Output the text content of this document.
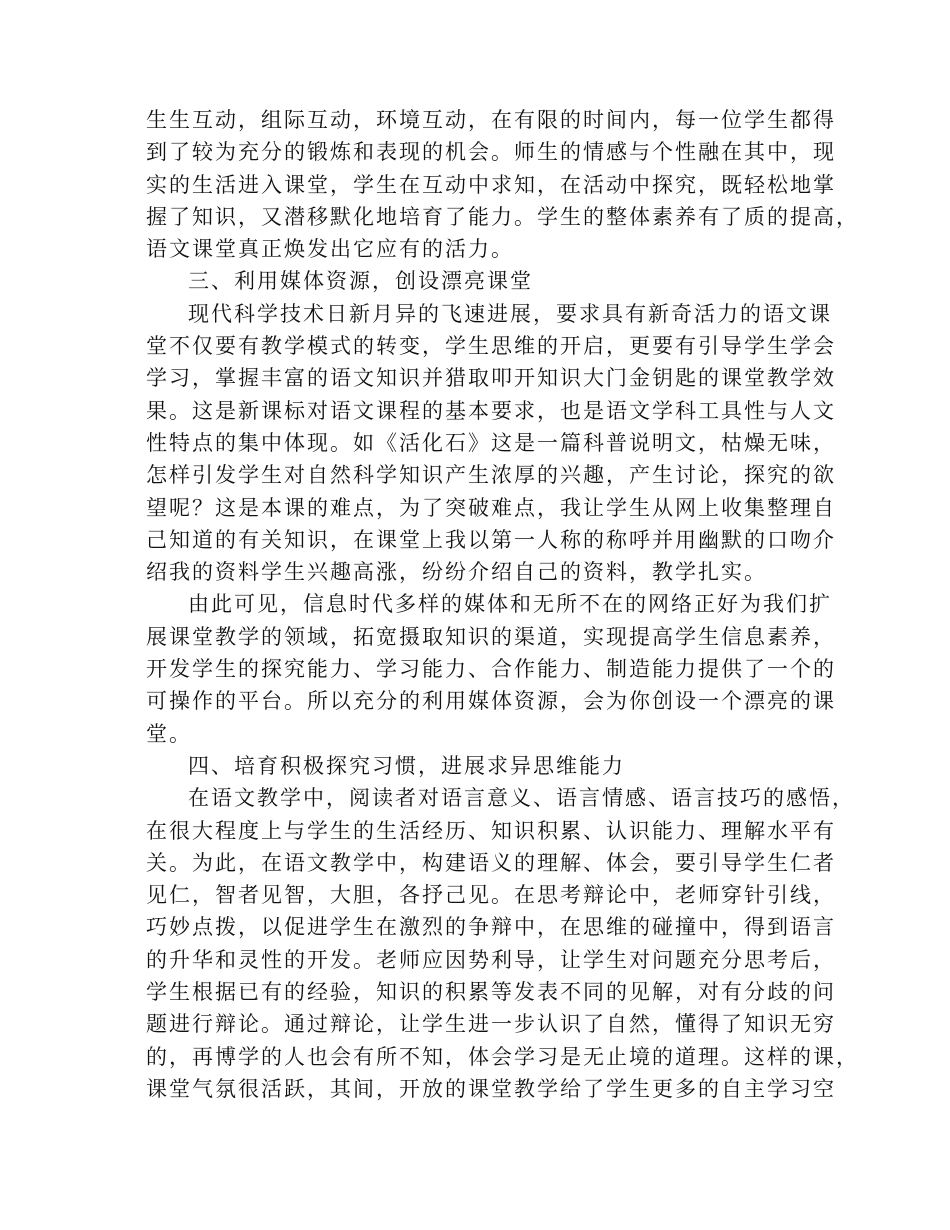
生生互动，组际互动，环境互动，在有限的时间内，每一位学生都得
到了较为充分的锻炼和表现的机会。师生的情感与个性融在其中，现
实的生活进入课堂，学生在互动中求知，在活动中探究，既轻松地掌
握了知识，又潜移默化地培育了能力。学生的整体素养有了质的提高，
语文课堂真正焕发出它应有的活力。
三、利用媒体资源，创设漂亮课堂
现代科学技术日新月异的飞速进展，要求具有新奇活力的语文课
堂不仅要有教学模式的转变，学生思维的开启，更要有引导学生学会
学习，掌握丰富的语文知识并猎取叩开知识大门金钥匙的课堂教学效
果。这是新课标对语文课程的基本要求，也是语文学科工具性与人文
性特点的集中体现。如《活化石》这是一篇科普说明文，枯燥无味，
怎样引发学生对自然科学知识产生浓厚的兴趣，产生讨论，探究的欲
望呢？这是本课的难点，为了突破难点，我让学生从网上收集整理自
己知道的有关知识，在课堂上我以第一人称的称呼并用幽默的口吻介
绍我的资料学生兴趣高涨，纷纷介绍自己的资料，教学扎实。
由此可见，信息时代多样的媒体和无所不在的网络正好为我们扩
展课堂教学的领域，拓宽摄取知识的渠道，实现提高学生信息素养，
开发学生的探究能力、学习能力、合作能力、制造能力提供了一个的
可操作的平台。所以充分的利用媒体资源，会为你创设一个漂亮的课
堂。
四、培育积极探究习惯，进展求异思维能力
在语文教学中，阅读者对语言意义、语言情感、语言技巧的感悟，
在很大程度上与学生的生活经历、知识积累、认识能力、理解水平有
关。为此，在语文教学中，构建语义的理解、体会，要引导学生仁者
见仁，智者见智，大胆，各抒己见。在思考辩论中，老师穿针引线，
巧妙点拨，以促进学生在激烈的争辩中，在思维的碰撞中，得到语言
的升华和灵性的开发。老师应因势利导，让学生对问题充分思考后，
学生根据已有的经验，知识的积累等发表不同的见解，对有分歧的问
题进行辩论。通过辩论，让学生进一步认识了自然，懂得了知识无穷
的，再博学的人也会有所不知，体会学习是无止境的道理。这样的课，
课堂气氛很活跃，其间，开放的课堂教学给了学生更多的自主学习空
